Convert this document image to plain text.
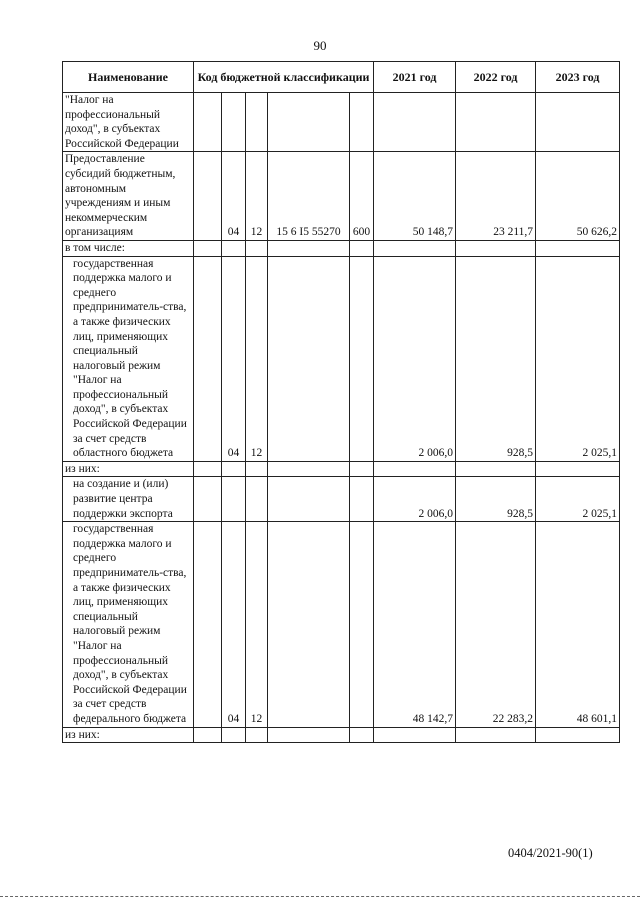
90
Наименование	Код бюджетной классификации					2021 год	2022 год	2023 год
"Налог на профессиональный доход", в субъектах Российской Федерации								
Предоставление субсидий бюджетным, автономным учреждениям и иным некоммерческим организациям		04	12	15 6 I5 55270	600	50 148,7	23 211,7	50 626,2
в том числе:								
государственная поддержка малого и среднего предприниматель-ства, а также физических лиц, применяющих специальный налоговый режим "Налог на профессиональный доход", в субъектах Российской Федерации за счет средств областного бюджета		04	12			2 006,0	928,5	2 025,1
из них:								
на создание и (или) развитие центра поддержки экспорта						2 006,0	928,5	2 025,1
государственная поддержка малого и среднего предприниматель-ства, а также физических лиц, применяющих специальный налоговый режим "Налог на профессиональный доход", в субъектах Российской Федерации за счет средств федерального бюджета		04	12			48 142,7	22 283,2	48 601,1
из них:								
0404/2021-90(1)
